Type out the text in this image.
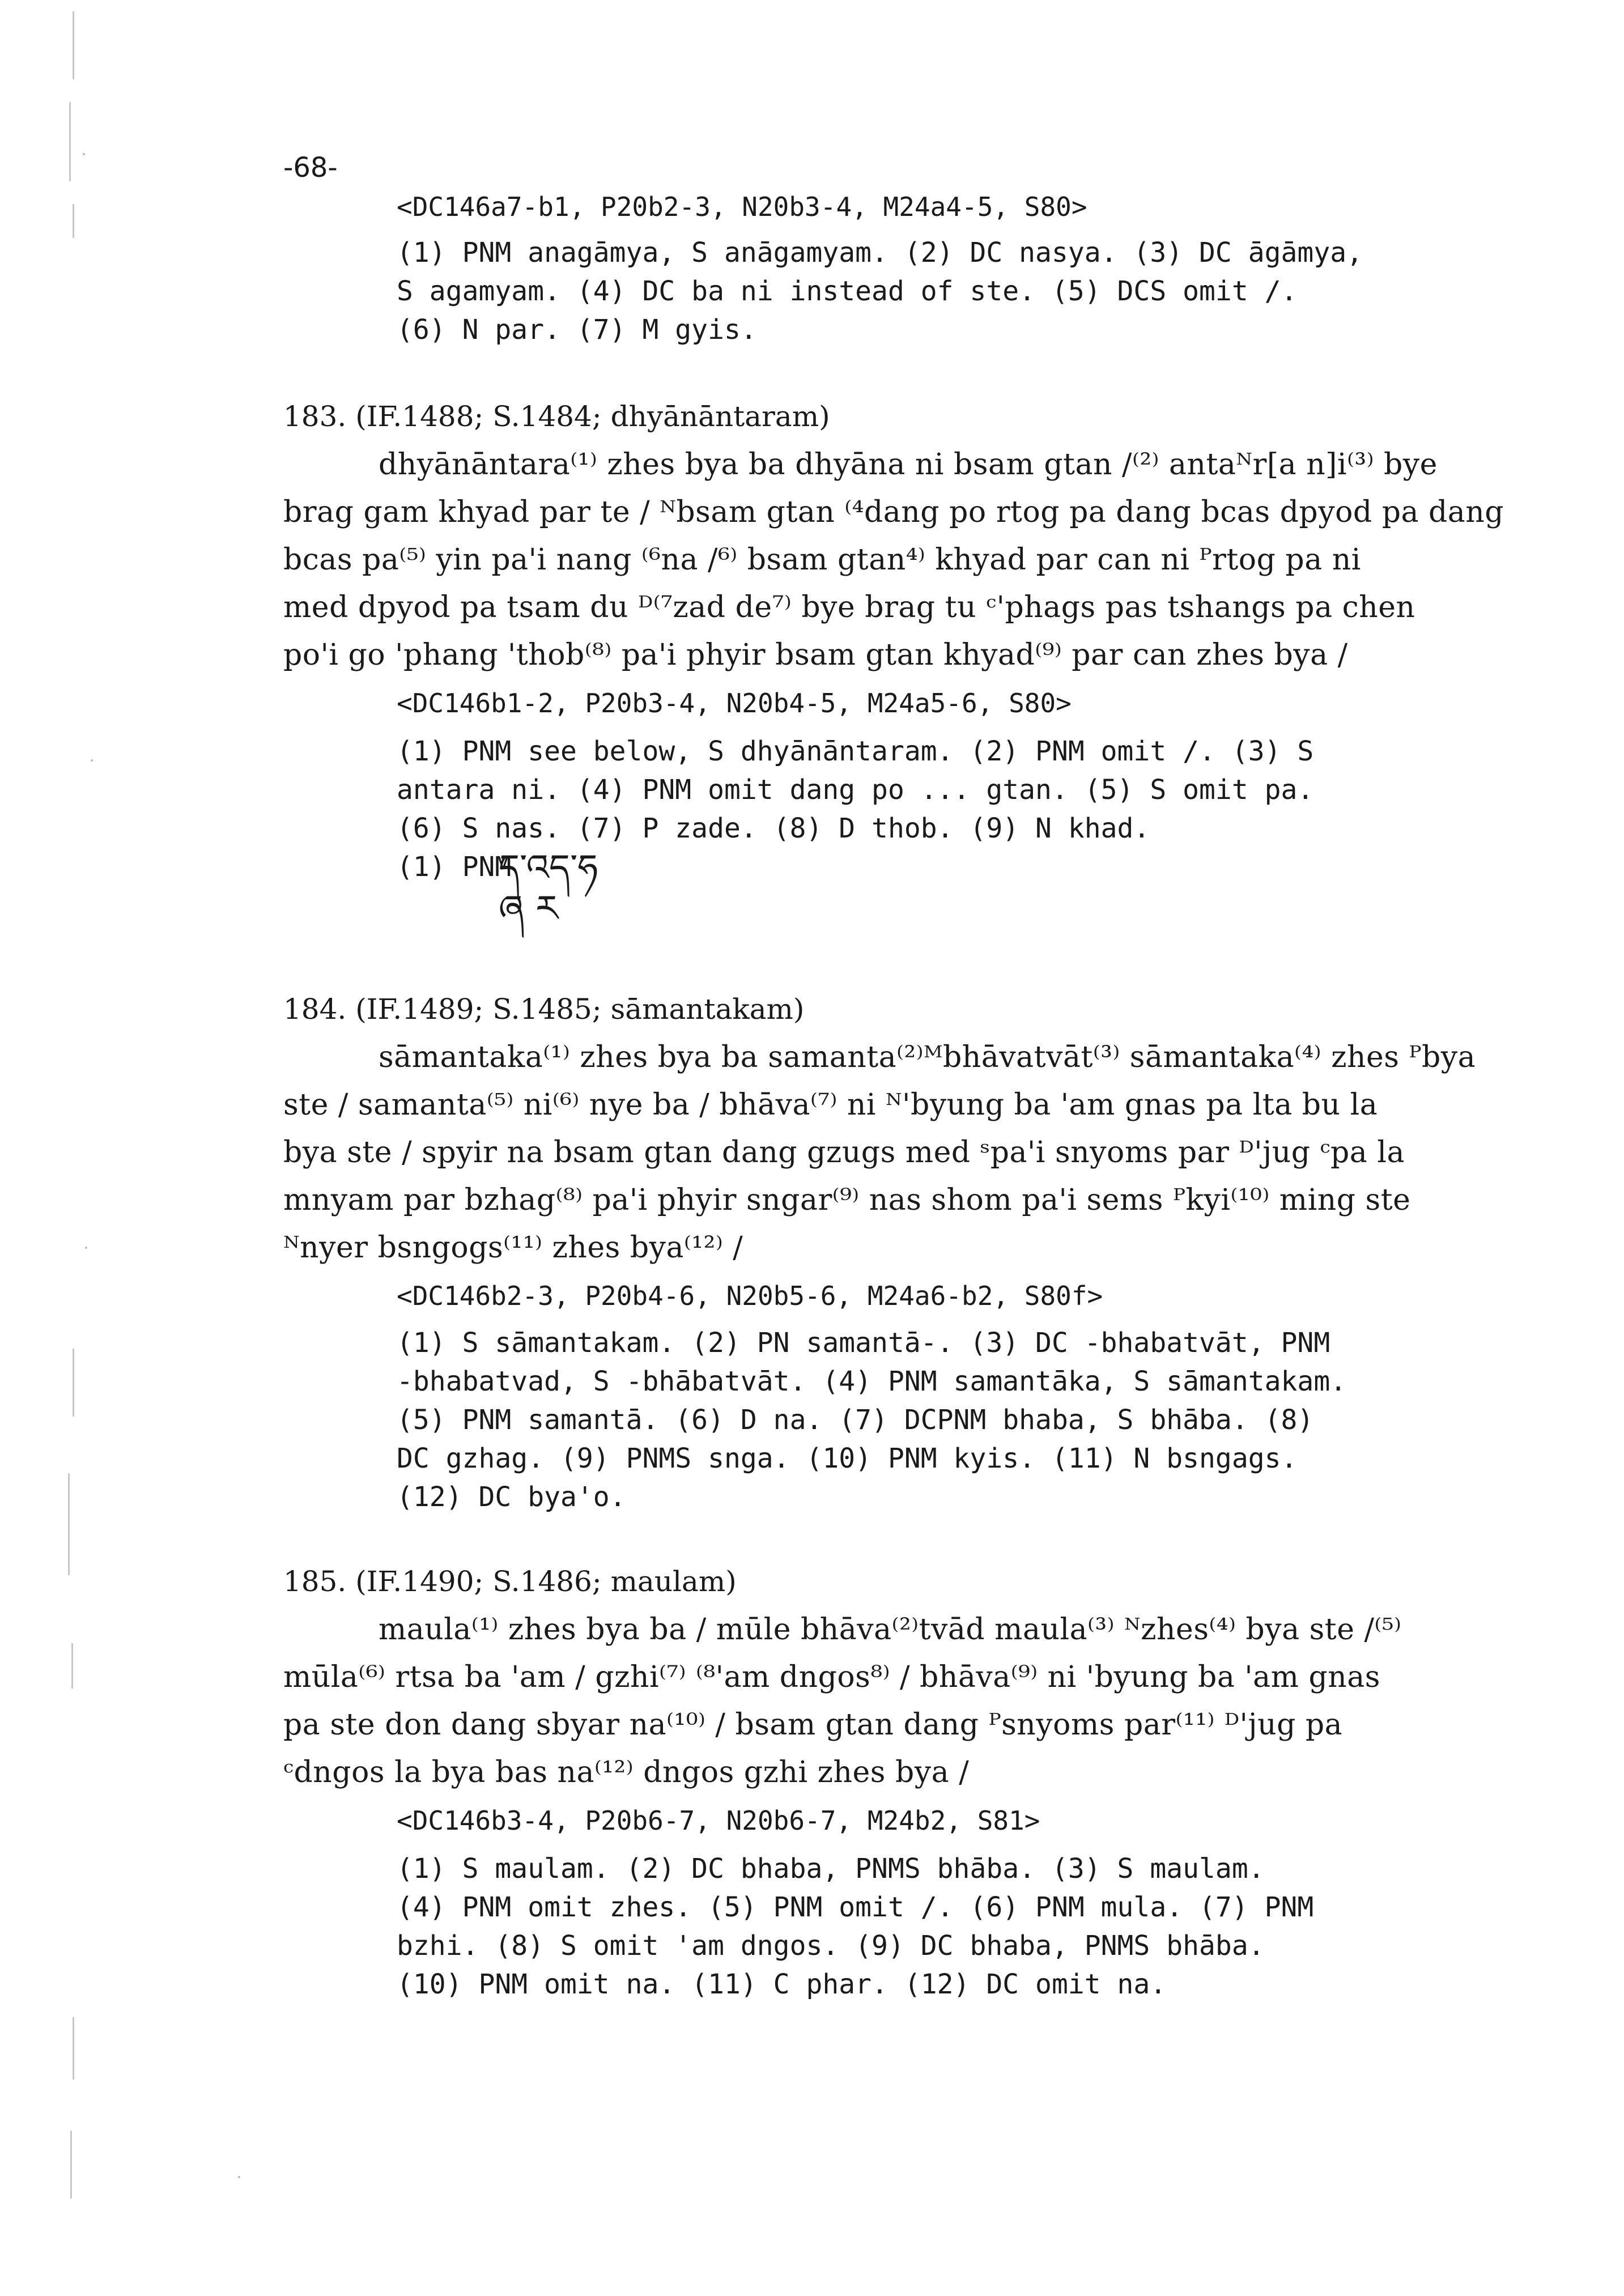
-68-
<DC146a7-b1, P20b2-3, N20b3-4, M24a4-5, S80>
(1) PNM anagāmya, S anāgamyam. (2) DC nasya. (3) DC āgāmya,
S agamyam. (4) DC ba ni instead of ste. (5) DCS omit /.
(6) N par. (7) M gyis.
183. (IF.1488; S.1484; dhyānāntaram)
dhyānāntara⁽¹⁾ zhes bya ba dhyāna ni bsam gtan /⁽²⁾ antaᴺr[a n]i⁽³⁾ bye
brag gam khyad par te / ᴺbsam gtan ⁽⁴dang po rtog pa dang bcas dpyod pa dang
bcas pa⁽⁵⁾ yin pa'i nang ⁽⁶na /⁶⁾ bsam gtan⁴⁾ khyad par can ni ᴾrtog pa ni
med dpyod pa tsam du ᴰ⁽⁷zad de⁷⁾ bye brag tu ᶜ'phags pas tshangs pa chen
po'i go 'phang 'thob⁽⁸⁾ pa'i phyir bsam gtan khyad⁽⁹⁾ par can zhes bya /
<DC146b1-2, P20b3-4, N20b4-5, M24a5-6, S80>
(1) PNM see below, S dhyānāntaram. (2) PNM omit /. (3) S
antara ni. (4) PNM omit dang po ... gtan. (5) S omit pa.
(6) S nas. (7) P zade. (8) D thob. (9) N khad.
(1) PNM
ད་འད་ཧ
ཞ ར
184. (IF.1489; S.1485; sāmantakam)
sāmantaka⁽¹⁾ zhes bya ba samanta⁽²⁾ᴹbhāvatvāt⁽³⁾ sāmantaka⁽⁴⁾ zhes ᴾbya
ste / samanta⁽⁵⁾ ni⁽⁶⁾ nye ba / bhāva⁽⁷⁾ ni ᴺ'byung ba 'am gnas pa lta bu la
bya ste / spyir na bsam gtan dang gzugs med ˢpa'i snyoms par ᴰ'jug ᶜpa la
mnyam par bzhag⁽⁸⁾ pa'i phyir sngar⁽⁹⁾ nas shom pa'i sems ᴾkyi⁽¹⁰⁾ ming ste
ᴺnyer bsngogs⁽¹¹⁾ zhes bya⁽¹²⁾ /
<DC146b2-3, P20b4-6, N20b5-6, M24a6-b2, S80f>
(1) S sāmantakam. (2) PN samantā-. (3) DC -bhabatvāt, PNM
-bhabatvad, S -bhābatvāt. (4) PNM samantāka, S sāmantakam.
(5) PNM samantā. (6) D na. (7) DCPNM bhaba, S bhāba. (8)
DC gzhag. (9) PNMS snga. (10) PNM kyis. (11) N bsngags.
(12) DC bya'o.
185. (IF.1490; S.1486; maulam)
maula⁽¹⁾ zhes bya ba / mūle bhāva⁽²⁾tvād maula⁽³⁾ ᴺzhes⁽⁴⁾ bya ste /⁽⁵⁾
mūla⁽⁶⁾ rtsa ba 'am / gzhi⁽⁷⁾ ⁽⁸'am dngos⁸⁾ / bhāva⁽⁹⁾ ni 'byung ba 'am gnas
pa ste don dang sbyar na⁽¹⁰⁾ / bsam gtan dang ᴾsnyoms par⁽¹¹⁾ ᴰ'jug pa
ᶜdngos la bya bas na⁽¹²⁾ dngos gzhi zhes bya /
<DC146b3-4, P20b6-7, N20b6-7, M24b2, S81>
(1) S maulam. (2) DC bhaba, PNMS bhāba. (3) S maulam.
(4) PNM omit zhes. (5) PNM omit /. (6) PNM mula. (7) PNM
bzhi. (8) S omit 'am dngos. (9) DC bhaba, PNMS bhāba.
(10) PNM omit na. (11) C phar. (12) DC omit na.
